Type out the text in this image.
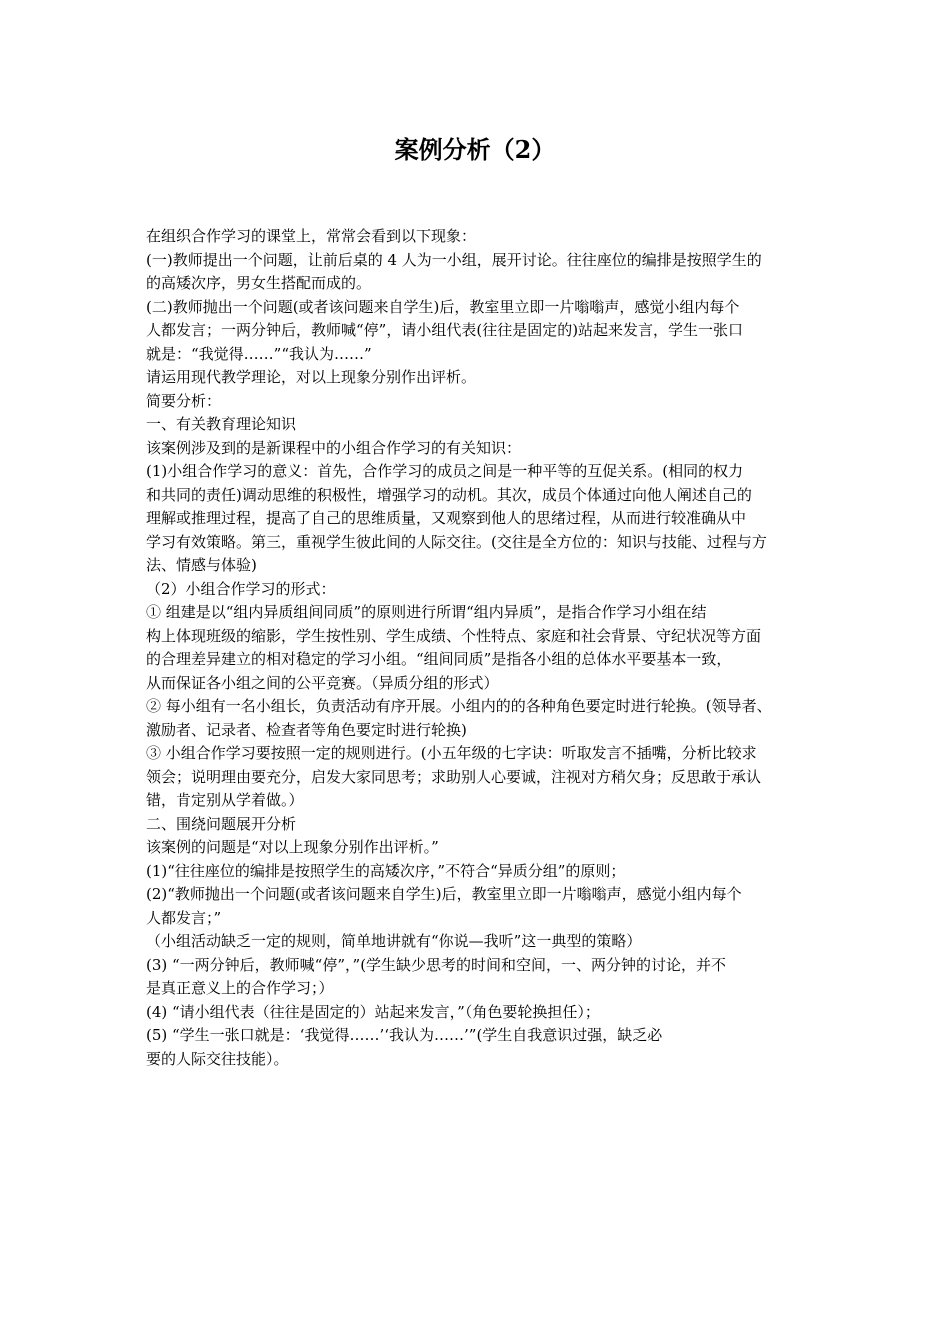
案例分析（2）
在组织合作学习的课堂上，常常会看到以下现象：
(一)教师提出一个问题，让前后桌的 4 人为一小组，展开讨论。往往座位的编排是按照学生的
的高矮次序，男女生搭配而成的。
(二)教师抛出一个问题(或者该问题来自学生)后，教室里立即一片嗡嗡声，感觉小组内每个
人都发言；一两分钟后，教师喊“停”，请小组代表(往往是固定的)站起来发言，学生一张口
就是：“我觉得‥‥‥”“我认为‥‥‥”
请运用现代教学理论，对以上现象分别作出评析。
简要分析：
一、有关教育理论知识
该案例涉及到的是新课程中的小组合作学习的有关知识：
(1)小组合作学习的意义：首先，合作学习的成员之间是一种平等的互促关系。(相同的权力
和共同的责任)调动思维的积极性，增强学习的动机。其次，成员个体通过向他人阐述自己的
理解或推理过程，提高了自己的思维质量，又观察到他人的思绪过程，从而进行较准确从中
学习有效策略。第三，重视学生彼此间的人际交往。(交往是全方位的：知识与技能、过程与方
法、情感与体验)
（2）小组合作学习的形式：
① 组建是以“组内异质组间同质”的原则进行所谓“组内异质”，是指合作学习小组在结
构上体现班级的缩影，学生按性别、学生成绩、个性特点、家庭和社会背景、守纪状况等方面
的合理差异建立的相对稳定的学习小组。“组间同质”是指各小组的总体水平要基本一致，
从而保证各小组之间的公平竞赛。（异质分组的形式）
② 每小组有一名小组长，负责活动有序开展。小组内的的各种角色要定时进行轮换。(领导者、
激励者、记录者、检查者等角色要定时进行轮换)
③ 小组合作学习要按照一定的规则进行。(小五年级的七字诀：听取发言不插嘴，分析比较求
领会；说明理由要充分，启发大家同思考；求助别人心要诚，注视对方稍欠身；反思敢于承认
错，肯定别从学着做。）
二、围绕问题展开分析
该案例的问题是“对以上现象分别作出评析。”
(1)“往往座位的编排是按照学生的高矮次序，”不符合“异质分组”的原则；
(2)“教师抛出一个问题(或者该问题来自学生)后，教室里立即一片嗡嗡声，感觉小组内每个
人都发言；”
（小组活动缺乏一定的规则，简单地讲就有“你说—我听”这一典型的策略）
(3) “一两分钟后，教师喊“停”，”(学生缺少思考的时间和空间，一、两分钟的讨论，并不
是真正意义上的合作学习；）
(4) “请小组代表（往往是固定的）站起来发言，”（角色要轮换担任）；
(5) “学生一张口就是：‘我觉得‥‥‥’‘我认为‥‥‥’”(学生自我意识过强，缺乏必
要的人际交往技能）。
